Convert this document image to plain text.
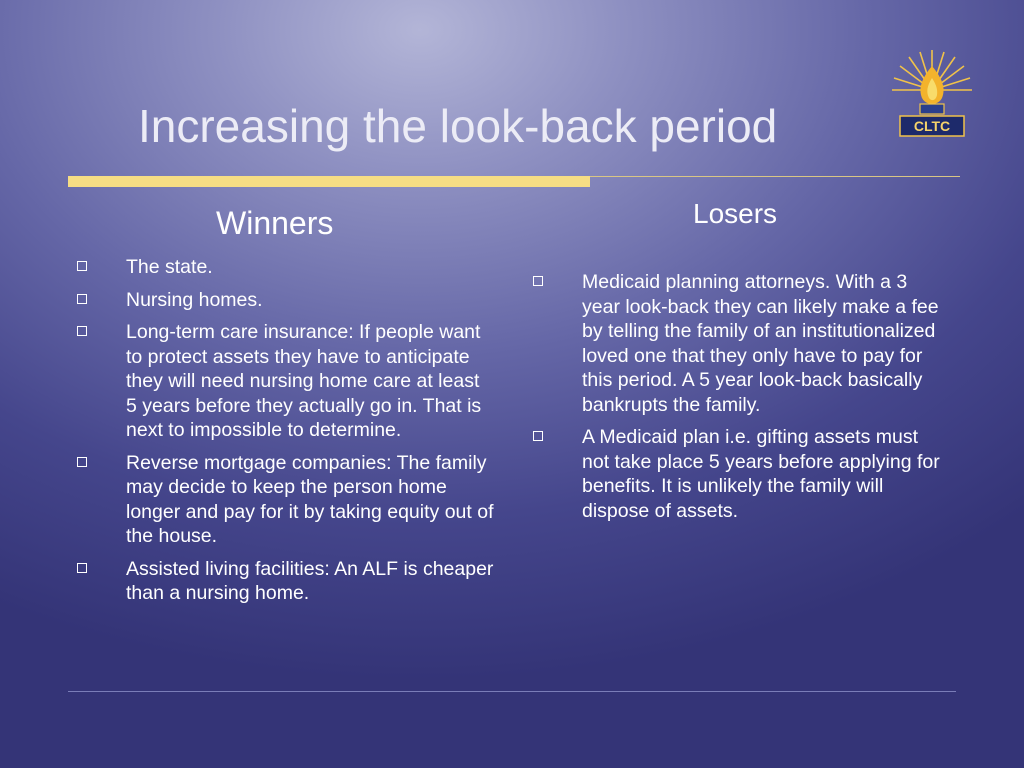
Increasing the look-back period	CLTC
Winners	Losers
The state.
Nursing homes.
Long-term care insurance: If people want to protect assets they have to anticipate they will need nursing home care at least 5 years before they actually go in. That is next to impossible to determine.
Reverse mortgage companies: The family may decide to keep the person home longer and pay for it by taking equity out of the house.
Assisted living facilities: An ALF is cheaper than a nursing home.
Medicaid planning attorneys. With a 3 year look-back they can likely make a fee by telling the family of an institutionalized loved one that they only have to pay for this period. A 5 year look-back basically bankrupts the family.
A Medicaid plan i.e. gifting assets must not take place 5 years before applying for benefits. It is unlikely the family will dispose of assets.
